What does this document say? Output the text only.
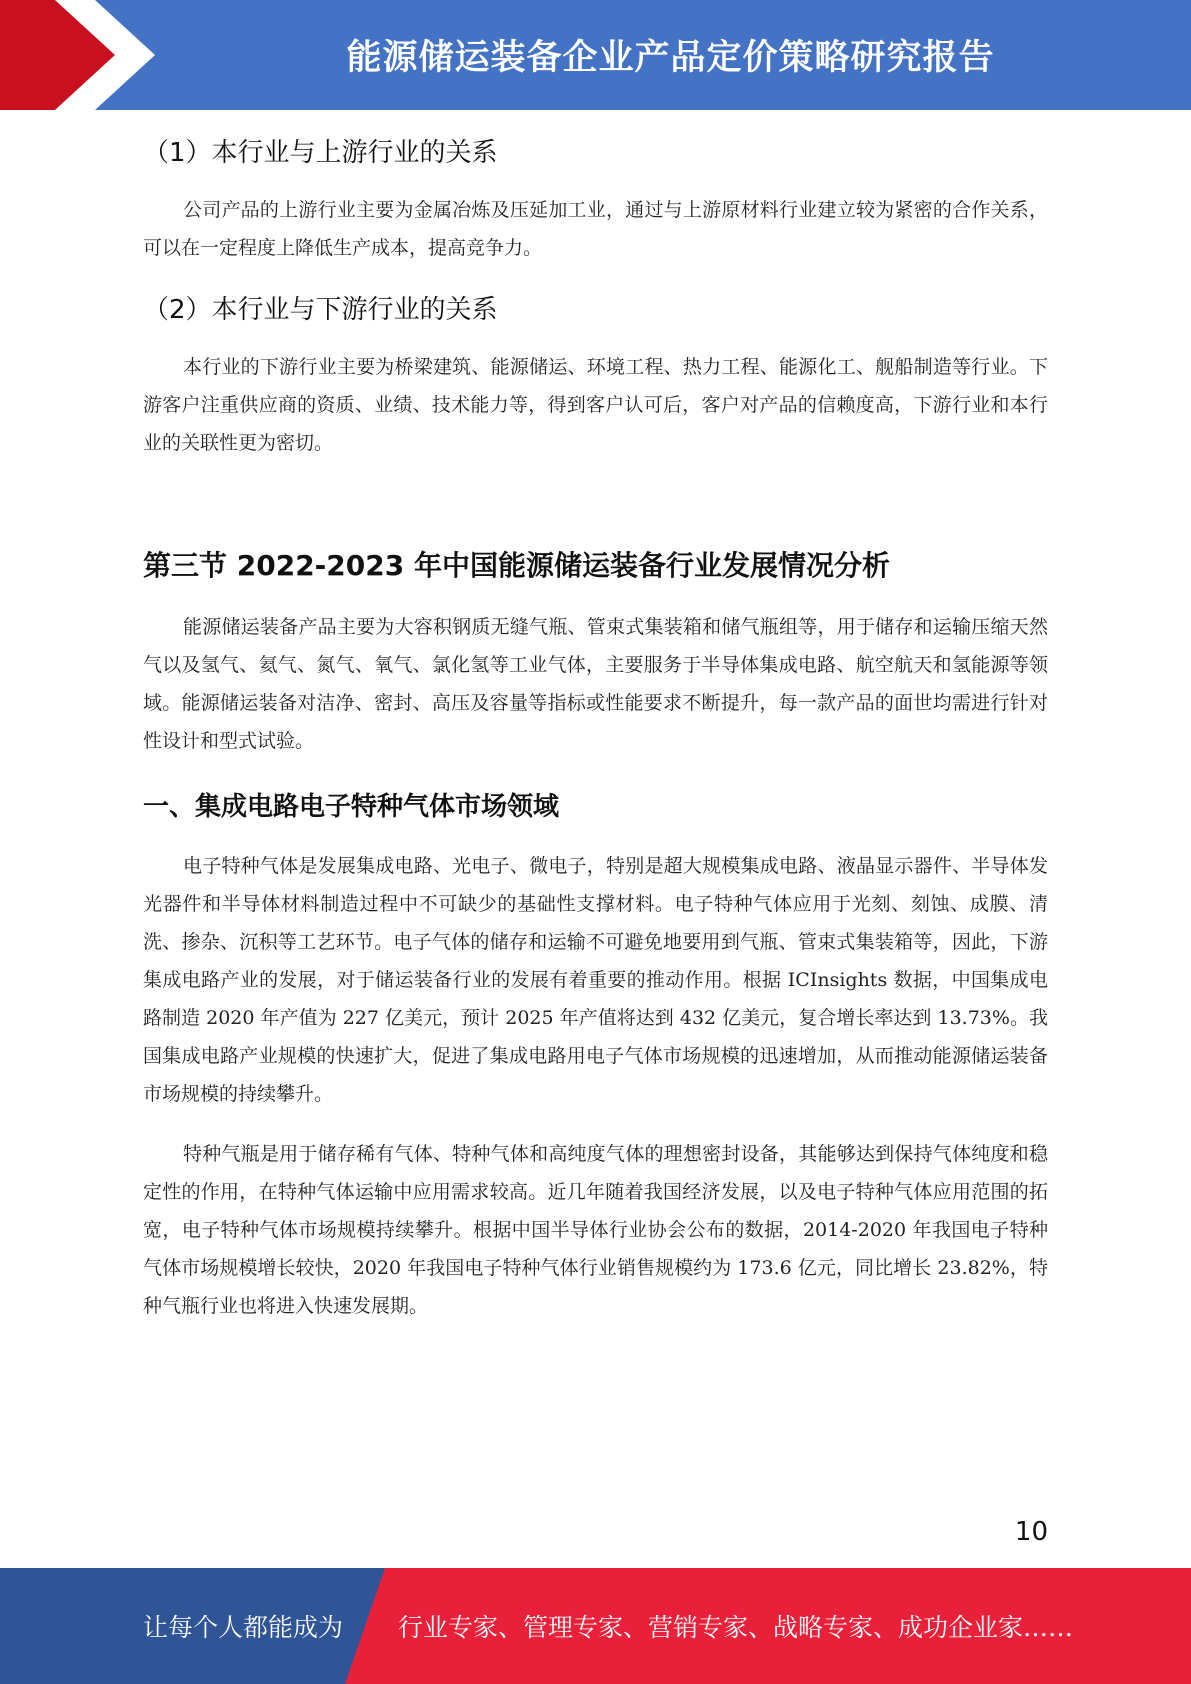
能源储运装备企业产品定价策略研究报告
（1）本行业与上游行业的关系

公司产品的上游行业主要为金属冶炼及压延加工业，通过与上游原材料行业建立较为紧密的合作关系，可以在一定程度上降低生产成本，提高竞争力。

（2）本行业与下游行业的关系

本行业的下游行业主要为桥梁建筑、能源储运、环境工程、热力工程、能源化工、舰船制造等行业。下游客户注重供应商的资质、业绩、技术能力等，得到客户认可后，客户对产品的信赖度高，下游行业和本行业的关联性更为密切。

第三节 2022-2023 年中国能源储运装备行业发展情况分析

能源储运装备产品主要为大容积钢质无缝气瓶、管束式集装箱和储气瓶组等，用于储存和运输压缩天然气以及氢气、氦气、氮气、氧气、氯化氢等工业气体，主要服务于半导体集成电路、航空航天和氢能源等领域。能源储运装备对洁净、密封、高压及容量等指标或性能要求不断提升，每一款产品的面世均需进行针对性设计和型式试验。

一、集成电路电子特种气体市场领域

电子特种气体是发展集成电路、光电子、微电子，特别是超大规模集成电路、液晶显示器件、半导体发光器件和半导体材料制造过程中不可缺少的基础性支撑材料。电子特种气体应用于光刻、刻蚀、成膜、清洗、掺杂、沉积等工艺环节。电子气体的储存和运输不可避免地要用到气瓶、管束式集装箱等，因此，下游集成电路产业的发展，对于储运装备行业的发展有着重要的推动作用。根据 ICInsights 数据，中国集成电路制造 2020 年产值为 227 亿美元，预计 2025 年产值将达到 432 亿美元，复合增长率达到 13.73%。我国集成电路产业规模的快速扩大，促进了集成电路用电子气体市场规模的迅速增加，从而推动能源储运装备市场规模的持续攀升。

特种气瓶是用于储存稀有气体、特种气体和高纯度气体的理想密封设备，其能够达到保持气体纯度和稳定性的作用，在特种气体运输中应用需求较高。近几年随着我国经济发展，以及电子特种气体应用范围的拓宽，电子特种气体市场规模持续攀升。根据中国半导体行业协会公布的数据，2014-2020 年我国电子特种气体市场规模增长较快，2020 年我国电子特种气体行业销售规模约为 173.6 亿元，同比增长 23.82%，特种气瓶行业也将进入快速发展期。

10
让每个人都能成为 行业专家、管理专家、营销专家、战略专家、成功企业家……
